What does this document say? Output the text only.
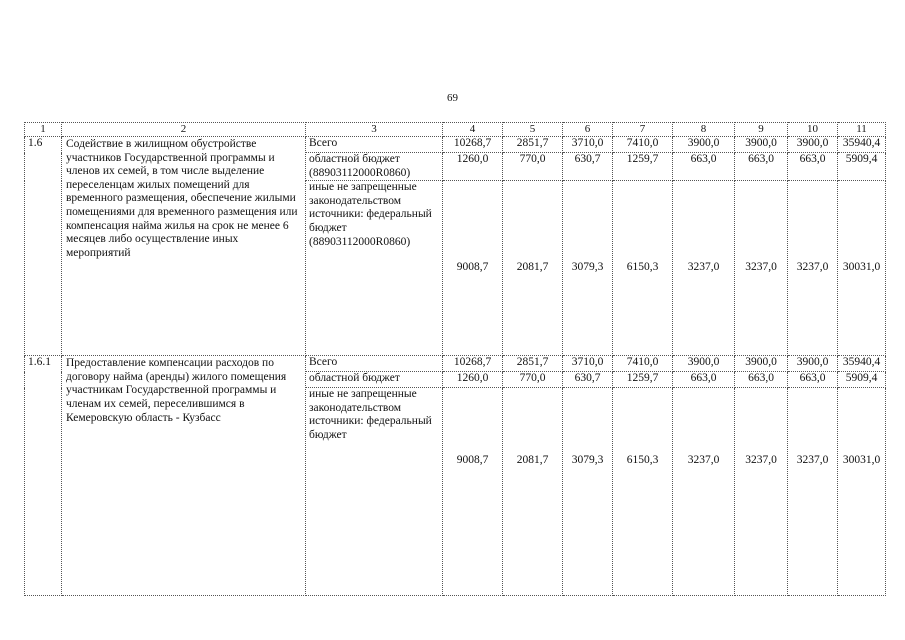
69
1	2	3	4	5	6	7	8	9	10	11
1.6	Содействие в жилищном обустройстве участников Государственной программы и членов их семей, в том числе выделение переселенцам жилых помещений для временного размещения, обеспечение жилыми помещениями для временного размещения или компенсация найма жилья на срок не менее 6 месяцев либо осуществление иных мероприятий	Всего	10268,7	2851,7	3710,0	7410,0	3900,0	3900,0	3900,0	35940,4
		областной бюджет (88903112000R0860)	1260,0	770,0	630,7	1259,7	663,0	663,0	663,0	5909,4
		иные не запрещенные законодательством источники: федеральный бюджет (88903112000R0860)	9008,7	2081,7	3079,3	6150,3	3237,0	3237,0	3237,0	30031,0
1.6.1	Предоставление компенсации расходов по договору найма (аренды) жилого помещения участникам Государственной программы и членам их семей, переселившимся в Кемеровскую область - Кузбасс	Всего	10268,7	2851,7	3710,0	7410,0	3900,0	3900,0	3900,0	35940,4
		областной бюджет	1260,0	770,0	630,7	1259,7	663,0	663,0	663,0	5909,4
		иные не запрещенные законодательством источники: федеральный бюджет	9008,7	2081,7	3079,3	6150,3	3237,0	3237,0	3237,0	30031,0
